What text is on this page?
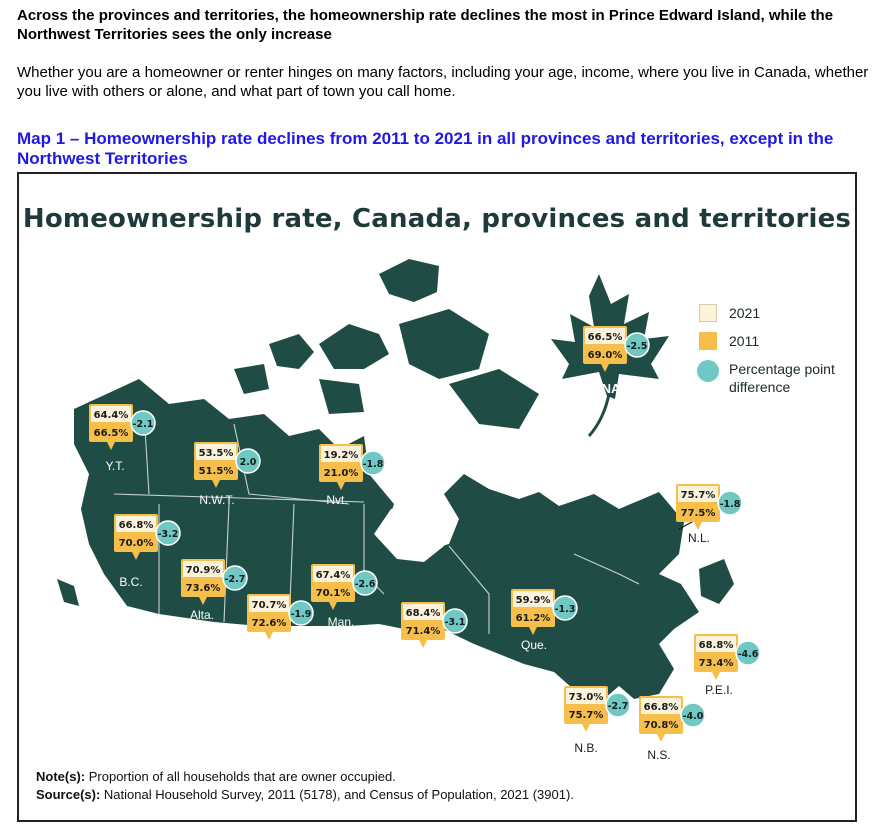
Across the provinces and territories, the homeownership rate declines the most in Prince Edward Island, while the Northwest Territories sees the only increase
Whether you are a homeowner or renter hinges on many factors, including your age, income, where you live in Canada, whether you live with others or alone, and what part of town you call home.
Map 1 – Homeownership rate declines from 2011 to 2021 in all provinces and territories, except in the Northwest Territories
Homeownership rate, Canada, provinces and territories
64.4%
66.5%
-2.1
Y.T.
53.5%
51.5%
2.0
N.W.T.
19.2%
21.0%
-1.8
Nvt.
66.8%
70.0%
-3.2
B.C.
70.9%
73.6%
-2.7
Alta.
70.7%
72.6%
-1.9
Sask.
67.4%
70.1%
-2.6
Man.
68.4%
71.4%
-3.1
Ont.
59.9%
61.2%
-1.3
Que.
75.7%
77.5%
-1.8
N.L.
68.8%
73.4%
-4.6
P.E.I.
73.0%
75.7%
-2.7
N.B.
66.8%
70.8%
-4.0
N.S.
66.5%
69.0%
-2.5
CANADA
2021
2011
Percentage point difference
Note(s): Proportion of all households that are owner occupied.
Source(s): National Household Survey, 2011 (5178), and Census of Population, 2021 (3901).
